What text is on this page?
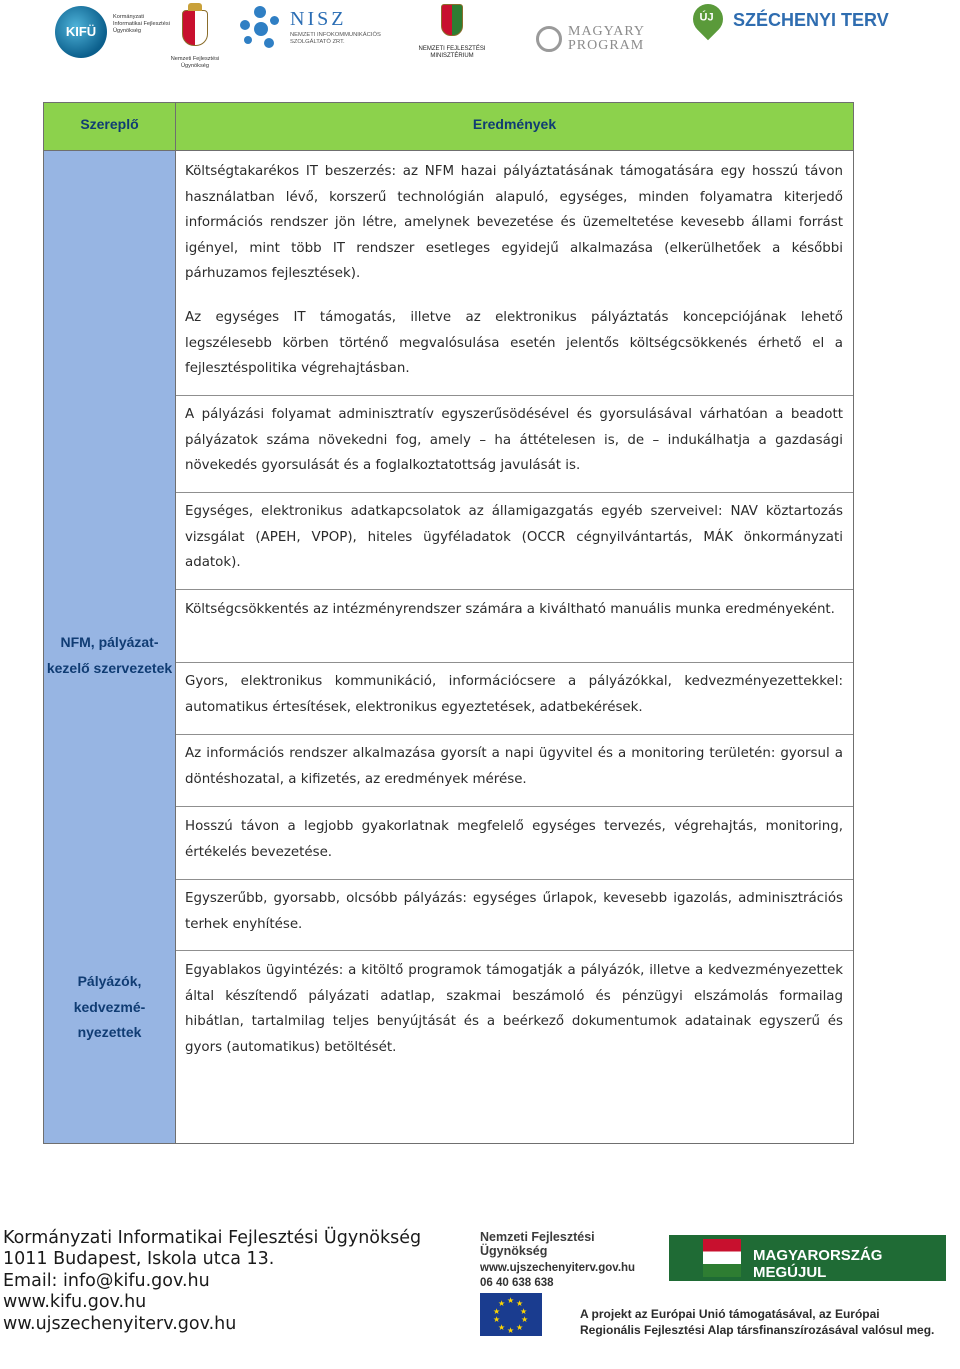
KIFÜ
Kormányzati Informatikai Fejlesztési Ügynökség
Nemzeti Fejlesztési Ügynökség
NISZ
NEMZETI INFOKOMMUNIKÁCIÓS SZOLGÁLTATÓ ZRT.
NEMZETI FEJLESZTÉSI MINISZTÉRIUM
MAGYARY PROGRAM
ÚJ	SZÉCHENYI TERV
Szereplő	Eredmények
NFM, pályázat-kezelő szervezetek
Pályázók, kedvezmé-nyezettek
Költségtakarékos IT beszerzés: az NFM hazai pályáztatásának támogatására egy hosszú távon használatban lévő, korszerű technológián alapuló, egységes, minden folyamatra kiterjedő információs rendszer jön létre, amelynek bevezetése és üzemeltetése kevesebb állami forrást igényel, mint több IT rendszer esetleges egyidejű alkalmazása (elkerülhetőek a későbbi párhuzamos fejlesztések).
Az egységes IT támogatás, illetve az elektronikus pályáztatás koncepciójának lehető legszélesebb körben történő megvalósulása esetén jelentős költségcsökkenés érhető el a fejlesztéspolitika végrehajtásban.
A pályázási folyamat adminisztratív egyszerűsödésével és gyorsulásával várhatóan a beadott pályázatok száma növekedni fog, amely – ha áttételesen is, de – indukálhatja a gazdasági növekedés gyorsulását és a foglalkoztatottság javulását is.
Egységes, elektronikus adatkapcsolatok az államigazgatás egyéb szerveivel: NAV köztartozás vizsgálat (APEH, VPOP), hiteles ügyféladatok (OCCR cégnyilvántartás, MÁK önkormányzati adatok).
Költségcsökkentés az intézményrendszer számára a kiváltható manuális munka eredményeként.
Gyors, elektronikus kommunikáció, információcsere a pályázókkal, kedvezményezettekkel: automatikus értesítések, elektronikus egyeztetések, adatbekérések.
Az információs rendszer alkalmazása gyorsít a napi ügyvitel és a monitoring területén: gyorsul a döntéshozatal, a kifizetés, az eredmények mérése.
Hosszú távon a legjobb gyakorlatnak megfelelő egységes tervezés, végrehajtás, monitoring, értékelés bevezetése.
Egyszerűbb, gyorsabb, olcsóbb pályázás: egységes űrlapok, kevesebb igazolás, adminisztrációs terhek enyhítése.
Egyablakos ügyintézés: a kitöltő programok támogatják a pályázók, illetve a kedvezményezettek által készítendő pályázati adatlap, szakmai beszámoló és pénzügyi elszámolás formailag hibátlan, tartalmilag teljes benyújtását és a beérkező dokumentumok adatainak egyszerű és gyors (automatikus) betöltését.
Kormányzati Informatikai Fejlesztési Ügynökség
1011 Budapest, Iskola utca 13.
Email: info@kifu.gov.hu
www.kifu.gov.hu
ww.ujszechenyiterv.gov.hu
Nemzeti Fejlesztési Ügynökség
www.ujszechenyiterv.gov.hu
06 40 638 638
MAGYARORSZÁG MEGÚJUL
★ ★
★
★
★
★
★
★
★
★
A projekt az Európai Unió támogatásával, az Európai
Regionális Fejlesztési Alap társfinanszírozásával valósul meg.
